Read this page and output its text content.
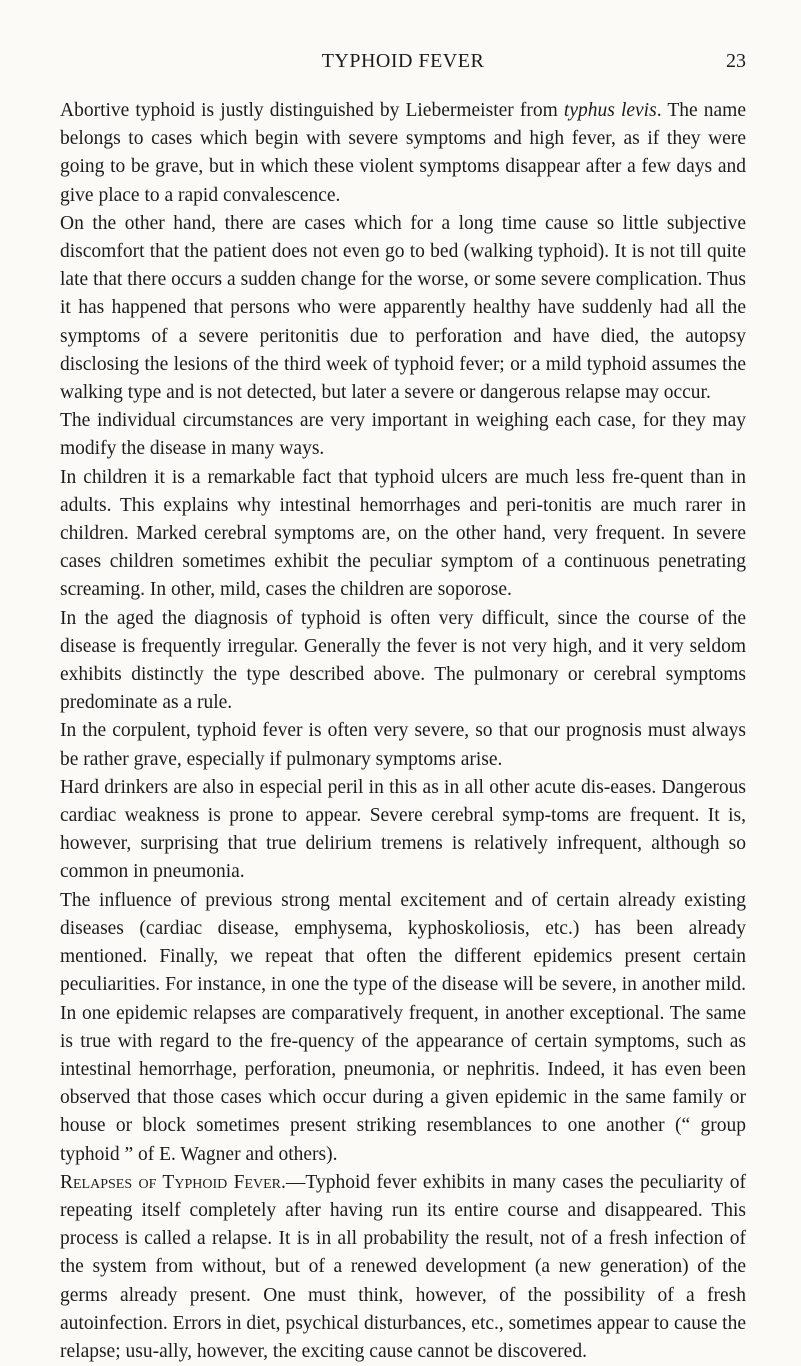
TYPHOID FEVER	23

Abortive typhoid is justly distinguished by Liebermeister from typhus levis. The name belongs to cases which begin with severe symptoms and high fever, as if they were going to be grave, but in which these violent symptoms disappear after a few days and give place to a rapid convalescence.

On the other hand, there are cases which for a long time cause so little subjective discomfort that the patient does not even go to bed (walking typhoid). It is not till quite late that there occurs a sudden change for the worse, or some severe complication. Thus it has happened that persons who were apparently healthy have suddenly had all the symptoms of a severe peritonitis due to perforation and have died, the autopsy disclosing the lesions of the third week of typhoid fever; or a mild typhoid assumes the walking type and is not detected, but later a severe or dangerous relapse may occur.

The individual circumstances are very important in weighing each case, for they may modify the disease in many ways.

In children it is a remarkable fact that typhoid ulcers are much less fre-quent than in adults. This explains why intestinal hemorrhages and peri-tonitis are much rarer in children. Marked cerebral symptoms are, on the other hand, very frequent. In severe cases children sometimes exhibit the peculiar symptom of a continuous penetrating screaming. In other, mild, cases the children are soporose.

In the aged the diagnosis of typhoid is often very difficult, since the course of the disease is frequently irregular. Generally the fever is not very high, and it very seldom exhibits distinctly the type described above. The pulmonary or cerebral symptoms predominate as a rule.

In the corpulent, typhoid fever is often very severe, so that our prognosis must always be rather grave, especially if pulmonary symptoms arise.

Hard drinkers are also in especial peril in this as in all other acute dis-eases. Dangerous cardiac weakness is prone to appear. Severe cerebral symp-toms are frequent. It is, however, surprising that true delirium tremens is relatively infrequent, although so common in pneumonia.

The influence of previous strong mental excitement and of certain already existing diseases (cardiac disease, emphysema, kyphoskoliosis, etc.) has been already mentioned. Finally, we repeat that often the different epidemics present certain peculiarities. For instance, in one the type of the disease will be severe, in another mild. In one epidemic relapses are comparatively frequent, in another exceptional. The same is true with regard to the fre-quency of the appearance of certain symptoms, such as intestinal hemorrhage, perforation, pneumonia, or nephritis. Indeed, it has even been observed that those cases which occur during a given epidemic in the same family or house or block sometimes present striking resemblances to one another (“ group typhoid ” of E. Wagner and others).

Relapses of Typhoid Fever.—Typhoid fever exhibits in many cases the peculiarity of repeating itself completely after having run its entire course and disappeared. This process is called a relapse. It is in all probability the result, not of a fresh infection of the system from without, but of a renewed development (a new generation) of the germs already present. One must think, however, of the possibility of a fresh autoinfection. Errors in diet, psychical disturbances, etc., sometimes appear to cause the relapse; usu-ally, however, the exciting cause cannot be discovered.
